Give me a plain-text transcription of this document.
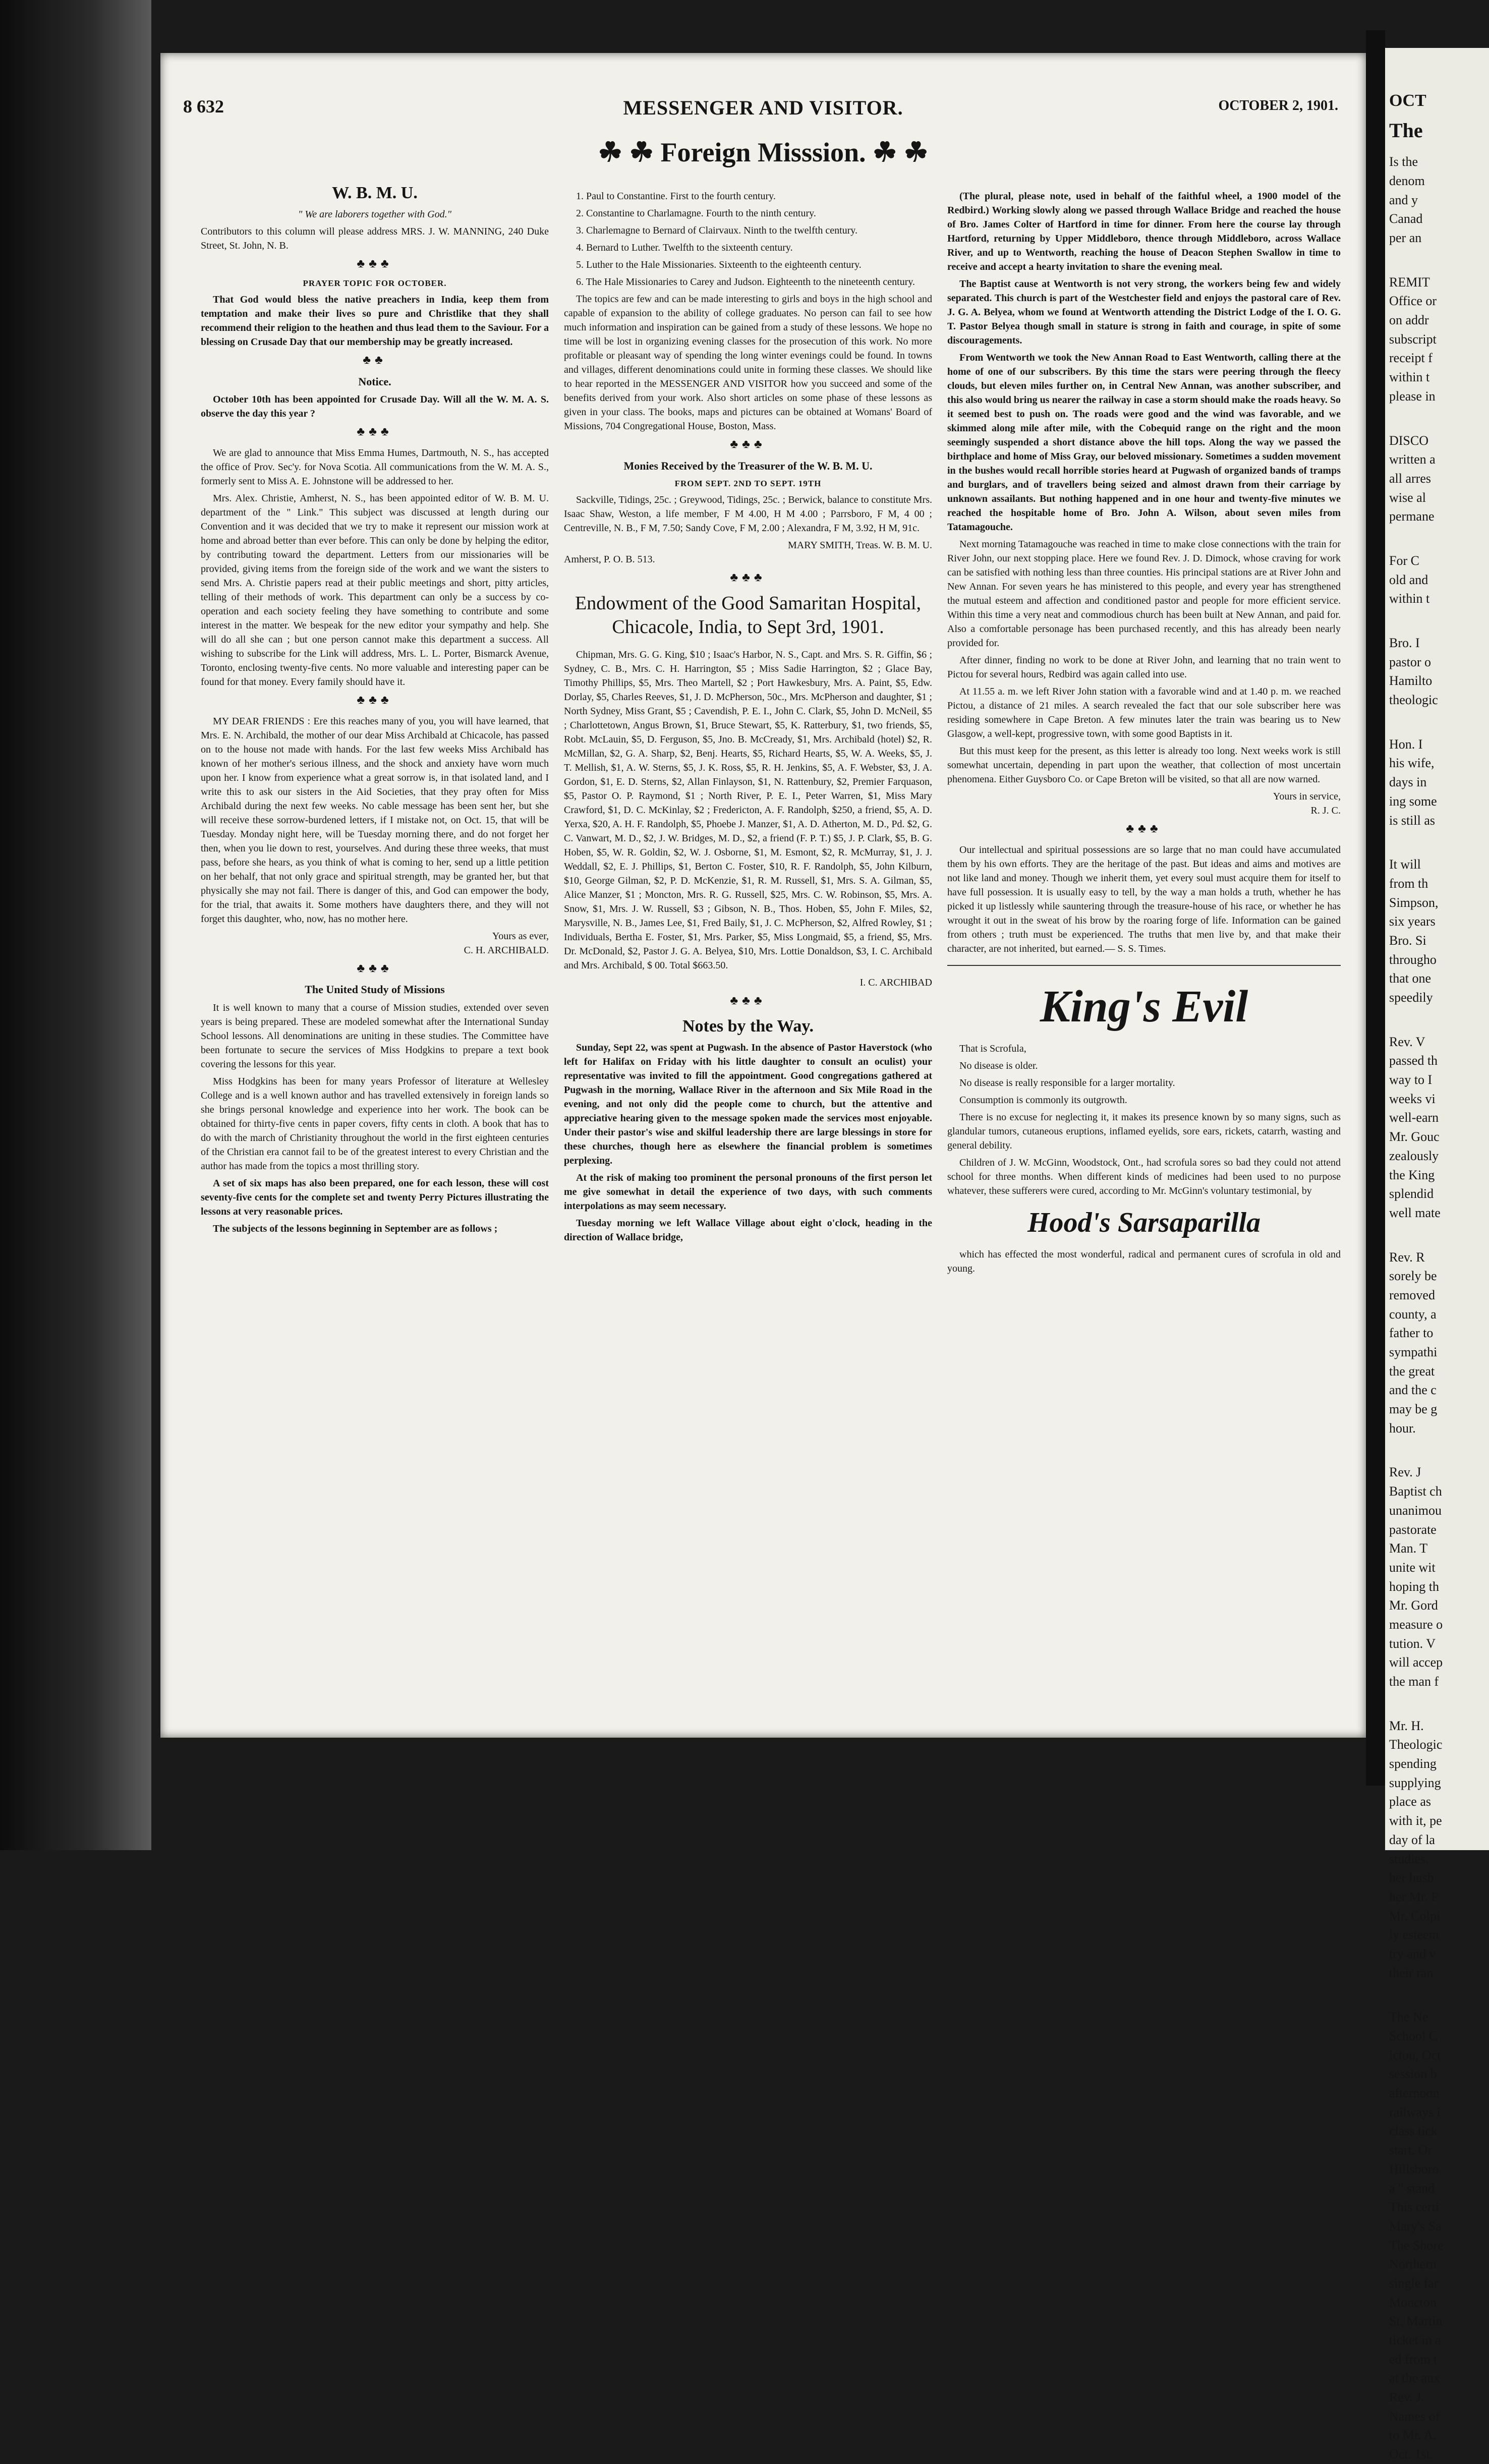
8 632	MESSENGER AND VISITOR.	OCTOBER 2, 1901.
☘ ☘ Foreign Misssion. ☘ ☘
W. B. M. U.
" We are laborers together with God."

Contributors to this column will please address MRS. J. W. MANNING, 240 Duke Street, St. John, N. B.

♣♣♣
PRAYER TOPIC FOR OCTOBER.

That God would bless the native preachers in India, keep them from temptation and make their lives so pure and Christlike that they shall recommend their religion to the heathen and thus lead them to the Saviour. For a blessing on Crusade Day that our membership may be greatly increased.

♣♣
Notice.

October 10th has been appointed for Crusade Day. Will all the W. M. A. S. observe the day this year ?

♣♣♣

We are glad to announce that Miss Emma Humes, Dartmouth, N. S., has accepted the office of Prov. Sec'y. for Nova Scotia. All communications from the W. M. A. S., formerly sent to Miss A. E. Johnstone will be addressed to her.

Mrs. Alex. Christie, Amherst, N. S., has been appointed editor of W. B. M. U. department of the " Link." This subject was discussed at length during our Convention and it was decided that we try to make it represent our mission work at home and abroad better than ever before. This can only be done by helping the editor, by contributing toward the department. Letters from our missionaries will be provided, giving items from the foreign side of the work and we want the sisters to send Mrs. A. Christie papers read at their public meetings and short, pitty articles, telling of their methods of work. This department can only be a success by co-operation and each society feeling they have something to contribute and some interest in the matter. We bespeak for the new editor your sympathy and help. She will do all she can ; but one person cannot make this department a success. All wishing to subscribe for the Link will address, Mrs. L. L. Porter, Bismarck Avenue, Toronto, enclosing twenty-five cents. No more valuable and interesting paper can be found for that money. Every family should have it.

♣♣♣

MY DEAR FRIENDS : Ere this reaches many of you, you will have learned, that Mrs. E. N. Archibald, the mother of our dear Miss Archibald at Chicacole, has passed on to the house not made with hands. For the last few weeks Miss Archibald has known of her mother's serious illness, and the shock and anxiety have worn much upon her. I know from experience what a great sorrow is, in that isolated land, and I write this to ask our sisters in the Aid Societies, that they pray often for Miss Archibald during the next few weeks. No cable message has been sent her, but she will receive these sorrow-burdened letters, if I mistake not, on Oct. 15, that will be Tuesday. Monday night here, will be Tuesday morning there, and do not forget her then, when you lie down to rest, yourselves. And during these three weeks, that must pass, before she hears, as you think of what is coming to her, send up a little petition on her behalf, that not only grace and spiritual strength, may be granted her, but that physically she may not fail. There is danger of this, and God can empower the body, for the trial, that awaits it. Some mothers have daughters there, and they will not forget this daughter, who, now, has no mother here.

Yours as ever,
C. H. ARCHIBALD.
♣♣♣
The United Study of Missions

It is well known to many that a course of Mission studies, extended over seven years is being prepared. These are modeled somewhat after the International Sunday School lessons. All denominations are uniting in these studies. The Committee have been fortunate to secure the services of Miss Hodgkins to prepare a text book covering the lessons for this year.

Miss Hodgkins has been for many years Professor of literature at Wellesley College and is a well known author and has travelled extensively in foreign lands so she brings personal knowledge and experience into her work. The book can be obtained for thirty-five cents in paper covers, fifty cents in cloth. A book that has to do with the march of Christianity throughout the world in the first eighteen centuries of the Christian era cannot fail to be of the greatest interest to every Christian and the author has made from the topics a most thrilling story.

A set of six maps has also been prepared, one for each lesson, these will cost seventy-five cents for the complete set and twenty Perry Pictures illustrating the lessons at very reasonable prices.

The subjects of the lessons beginning in September are as follows ;

1. Paul to Constantine. First to the fourth century.

2. Constantine to Charlamagne. Fourth to the ninth century.

3. Charlemagne to Bernard of Clairvaux. Ninth to the twelfth century.

4. Bernard to Luther. Twelfth to the sixteenth century.

5. Luther to the Hale Missionaries. Sixteenth to the eighteenth century.

6. The Hale Missionaries to Carey and Judson. Eighteenth to the nineteenth century.

The topics are few and can be made interesting to girls and boys in the high school and capable of expansion to the ability of college graduates. No person can fail to see how much information and inspiration can be gained from a study of these lessons. We hope no time will be lost in organizing evening classes for the prosecution of this work. No more profitable or pleasant way of spending the long winter evenings could be found. In towns and villages, different denominations could unite in forming these classes. We should like to hear reported in the MESSENGER AND VISITOR how you succeed and some of the benefits derived from your work. Also short articles on some phase of these lessons as given in your class. The books, maps and pictures can be obtained at Womans' Board of Missions, 704 Congregational House, Boston, Mass.

♣♣♣
Monies Received by the Treasurer of the W. B. M. U.
FROM SEPT. 2ND TO SEPT. 19TH

Sackville, Tidings, 25c. ; Greywood, Tidings, 25c. ; Berwick, balance to constitute Mrs. Isaac Shaw, Weston, a life member, F M 4.00, H M 4.00 ; Parrsboro, F M, 4 00 ; Centreville, N. B., F M, 7.50; Sandy Cove, F M, 2.00 ; Alexandra, F M, 3.92, H M, 91c.

MARY SMITH, Treas. W. B. M. U.
Amherst, P. O. B. 513.
♣♣♣
Endowment of the Good Samaritan Hospital, Chicacole, India, to Sept 3rd, 1901.

Chipman, Mrs. G. G. King, $10 ; Isaac's Harbor, N. S., Capt. and Mrs. S. R. Giffin, $6 ; Sydney, C. B., Mrs. C. H. Harrington, $5 ; Miss Sadie Harrington, $2 ; Glace Bay, Timothy Phillips, $5, Mrs. Theo Martell, $2 ; Port Hawkesbury, Mrs. A. Paint, $5, Edw. Dorlay, $5, Charles Reeves, $1, J. D. McPherson, 50c., Mrs. McPherson and daughter, $1 ; North Sydney, Miss Grant, $5 ; Cavendish, P. E. I., John C. Clark, $5, John D. McNeil, $5 ; Charlottetown, Angus Brown, $1, Bruce Stewart, $5, K. Ratterbury, $1, two friends, $5, Robt. McLauin, $5, D. Ferguson, $5, Jno. B. McCready, $1, Mrs. Archibald (hotel) $2, R. McMillan, $2, G. A. Sharp, $2, Benj. Hearts, $5, Richard Hearts, $5, W. A. Weeks, $5, J. T. Mellish, $1, A. W. Sterns, $5, J. K. Ross, $5, R. H. Jenkins, $5, A. F. Webster, $3, J. A. Gordon, $1, E. D. Sterns, $2, Allan Finlayson, $1, N. Rattenbury, $2, Premier Farquason, $5, Pastor O. P. Raymond, $1 ; North River, P. E. I., Peter Warren, $1, Miss Mary Crawford, $1, D. C. McKinlay, $2 ; Fredericton, A. F. Randolph, $250, a friend, $5, A. D. Yerxa, $20, A. H. F. Randolph, $5, Phoebe J. Manzer, $1, A. D. Atherton, M. D., Pd. $2, G. C. Vanwart, M. D., $2, J. W. Bridges, M. D., $2, a friend (F. P. T.) $5, J. P. Clark, $5, B. G. Hoben, $5, W. R. Goldin, $2, W. J. Osborne, $1, M. Esmont, $2, R. McMurray, $1, J. J. Weddall, $2, E. J. Phillips, $1, Berton C. Foster, $10, R. F. Randolph, $5, John Kilburn, $10, George Gilman, $2, P. D. McKenzie, $1, R. M. Russell, $1, Mrs. S. A. Gilman, $5, Alice Manzer, $1 ; Moncton, Mrs. R. G. Russell, $25, Mrs. C. W. Robinson, $5, Mrs. A. Snow, $1, Mrs. J. W. Russell, $3 ; Gibson, N. B., Thos. Hoben, $5, John F. Miles, $2, Marysville, N. B., James Lee, $1, Fred Baily, $1, J. C. McPherson, $2, Alfred Rowley, $1 ; Individuals, Bertha E. Foster, $1, Mrs. Parker, $5, Miss Longmaid, $5, a friend, $5, Mrs. Dr. McDonald, $2, Pastor J. G. A. Belyea, $10, Mrs. Lottie Donaldson, $3, I. C. Archibald and Mrs. Archibald, $ 00. Total $663.50.

I. C. ARCHIBAD
♣♣♣
Notes by the Way.

Sunday, Sept 22, was spent at Pugwash. In the absence of Pastor Haverstock (who left for Halifax on Friday with his little daughter to consult an oculist) your representative was invited to fill the appointment. Good congregations gathered at Pugwash in the morning, Wallace River in the afternoon and Six Mile Road in the evening, and not only did the people come to church, but the attentive and appreciative hearing given to the message spoken made the services most enjoyable. Under their pastor's wise and skilful leadership there are large blessings in store for these churches, though here as elsewhere the financial problem is sometimes perplexing.

At the risk of making too prominent the personal pronouns of the first person let me give somewhat in detail the experience of two days, with such comments interpolations as may seem necessary.

Tuesday morning we left Wallace Village about eight o'clock, heading in the direction of Wallace bridge,

(The plural, please note, used in behalf of the faithful wheel, a 1900 model of the Redbird.) Working slowly along we passed through Wallace Bridge and reached the house of Bro. James Colter of Hartford in time for dinner. From here the course lay through Hartford, returning by Upper Middleboro, thence through Middleboro, across Wallace River, and up to Wentworth, reaching the house of Deacon Stephen Swallow in time to receive and accept a hearty invitation to share the evening meal.

The Baptist cause at Wentworth is not very strong, the workers being few and widely separated. This church is part of the Westchester field and enjoys the pastoral care of Rev. J. G. A. Belyea, whom we found at Wentworth attending the District Lodge of the I. O. G. T. Pastor Belyea though small in stature is strong in faith and courage, in spite of some discouragements.

From Wentworth we took the New Annan Road to East Wentworth, calling there at the home of one of our subscribers. By this time the stars were peering through the fleecy clouds, but eleven miles further on, in Central New Annan, was another subscriber, and this also would bring us nearer the railway in case a storm should make the roads heavy. So it seemed best to push on. The roads were good and the wind was favorable, and we skimmed along mile after mile, with the Cobequid range on the right and the moon seemingly suspended a short distance above the hill tops. Along the way we passed the birthplace and home of Miss Gray, our beloved missionary. Sometimes a sudden movement in the bushes would recall horrible stories heard at Pugwash of organized bands of tramps and burglars, and of travellers being seized and almost drawn from their carriage by unknown assailants. But nothing happened and in one hour and twenty-five minutes we reached the hospitable home of Bro. John A. Wilson, about seven miles from Tatamagouche.

Next morning Tatamagouche was reached in time to make close connections with the train for River John, our next stopping place. Here we found Rev. J. D. Dimock, whose craving for work can be satisfied with nothing less than three counties. His principal stations are at River John and New Annan. For seven years he has ministered to this people, and every year has strengthened the mutual esteem and affection and conditioned pastor and people for more efficient service. Within this time a very neat and commodious church has been built at New Annan, and paid for. Also a comfortable personage has been purchased recently, and this has already been nearly provided for.

After dinner, finding no work to be done at River John, and learning that no train went to Pictou for several hours, Redbird was again called into use.

At 11.55 a. m. we left River John station with a favorable wind and at 1.40 p. m. we reached Pictou, a distance of 21 miles. A search revealed the fact that our sole subscriber here was residing somewhere in Cape Breton. A few minutes later the train was bearing us to New Glasgow, a well-kept, progressive town, with some good Baptists in it.

But this must keep for the present, as this letter is already too long. Next weeks work is still somewhat uncertain, depending in part upon the weather, that collection of most uncertain phenomena. Either Guysboro Co. or Cape Breton will be visited, so that all are now warned.

Yours in service,
R. J. C.
♣♣♣

Our intellectual and spiritual possessions are so large that no man could have accumulated them by his own efforts. They are the heritage of the past. But ideas and aims and motives are not like land and money. Though we inherit them, yet every soul must acquire them for itself to have full possession. It is usually easy to tell, by the way a man holds a truth, whether he has picked it up listlessly while sauntering through the treasure-house of his race, or whether he has wrought it out in the sweat of his brow by the roaring forge of life. Information can be gained from others ; truth must be experienced. The truths that men live by, and that make their character, are not inherited, but earned.— S. S. Times.

King's Evil

That is Scrofula,

No disease is older.

No disease is really responsible for a larger mortality.

Consumption is commonly its outgrowth.

There is no excuse for neglecting it, it makes its presence known by so many signs, such as glandular tumors, cutaneous eruptions, inflamed eyelids, sore ears, rickets, catarrh, wasting and general debility.

Children of J. W. McGinn, Woodstock, Ont., had scrofula sores so bad they could not attend school for three months. When different kinds of medicines had been used to no purpose whatever, these sufferers were cured, according to Mr. McGinn's voluntary testimonial, by

Hood's Sarsaparilla

which has effected the most wonderful, radical and permanent cures of scrofula in old and young.

OCT
The
Is the
denom
and y
Canad
per an
REMIT
Office or
on addr
subscript
receipt f
within t
please in
DISCO
written a
all arres
wise al
permane
For C
old and
within t
Bro. I
pastor o
Hamilto
theologic
Hon. I
his wife,
days in
ing some
is still as
It will
from th
Simpson,
six years
Bro. Si
througho
that one
speedily
Rev. V
passed th
way to I
weeks vi
well-earn
Mr. Gouc
zealously
the King
splendid
well mate
Rev. R
sorely be
removed
county, a
father to
sympathi
the great
and the c
may be g
hour.
Rev. J
Baptist ch
unanimou
pastorate
Man. T
unite wit
hoping th
Mr. Gord
measure o
tution. V
will accep
the man f
Mr. H.
Theologic
spending
supplying
place as
with it, pe
day of la
studies.
her husb
her Mr. F
Mr. Colpi
ly esteem
try and v
their ran
The Ne
School C
ictou, Oct
session b
afternoon
railways i
class tick
start. Or
Hillsboro
a " stand
This certi
Mary's Sa
The Shore
Northern
single far
Moncton
St. Martin
ticket in a
ed from t
at the aux
Rev. J.
Names of
to Mr. A.
Oct. 1st.
